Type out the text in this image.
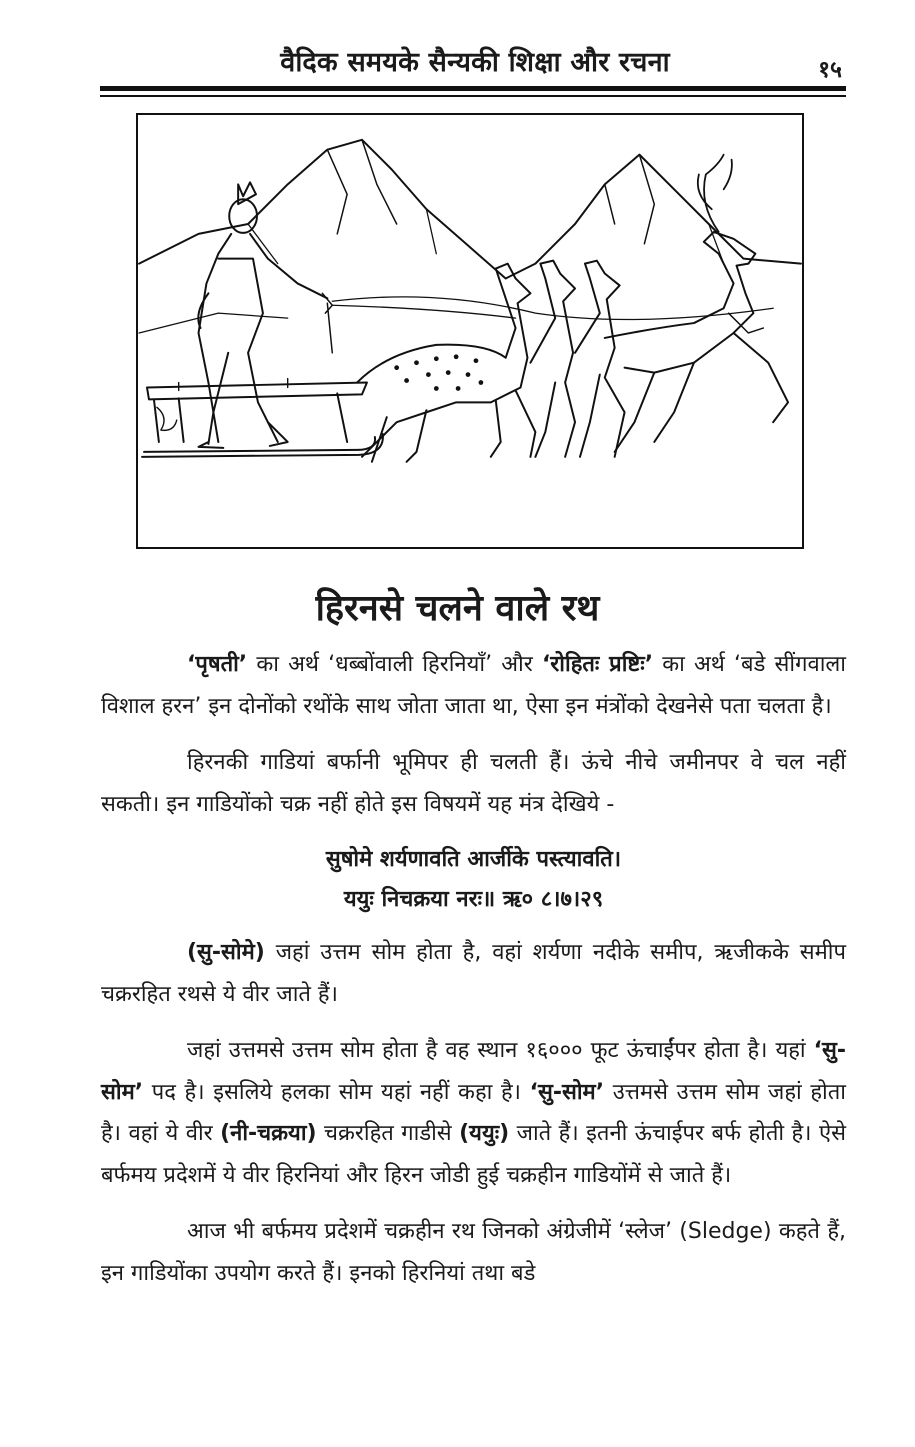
वैदिक समयके सैन्यकी शिक्षा और रचना	१५
हिरनसे चलने वाले रथ

‘पृषती’ का अर्थ ‘धब्बोंवाली हिरनियाँ’ और ‘रोहितः प्रष्टिः’ का अर्थ ‘बडे सींगवाला विशाल हरन’ इन दोनोंको रथोंके साथ जोता जाता था, ऐसा इन मंत्रोंको देखनेसे पता चलता है।

हिरनकी गाडियां बर्फानी भूमिपर ही चलती हैं। ऊंचे नीचे जमीनपर वे चल नहीं सकती। इन गाडियोंको चक्र नहीं होते इस विषयमें यह मंत्र देखिये -

सुषोमे शर्यणावति आर्जीके पस्त्यावति।
ययुः निचक्रया नरः॥ ऋ० ८।७।२९

(सु-सोमे) जहां उत्तम सोम होता है, वहां शर्यणा नदीके समीप, ऋजीकके समीप चक्ररहित रथसे ये वीर जाते हैं।

जहां उत्तमसे उत्तम सोम होता है वह स्थान १६००० फूट ऊंचाईंपर होता है। यहां ‘सु-सोम’ पद है। इसलिये हलका सोम यहां नहीं कहा है। ‘सु-सोम’ उत्तमसे उत्तम सोम जहां होता है। वहां ये वीर (नी-चक्रया) चक्ररहित गाडीसे (ययुः) जाते हैं। इतनी ऊंचाईपर बर्फ होती है। ऐसे बर्फमय प्रदेशमें ये वीर हिरनियां और हिरन जोडी हुई चक्रहीन गाडियोंमें से जाते हैं।

आज भी बर्फमय प्रदेशमें चक्रहीन रथ जिनको अंग्रेजीमें ‘स्लेज’ (Sledge) कहते हैं, इन गाडियोंका उपयोग करते हैं। इनको हिरनियां तथा बडे
